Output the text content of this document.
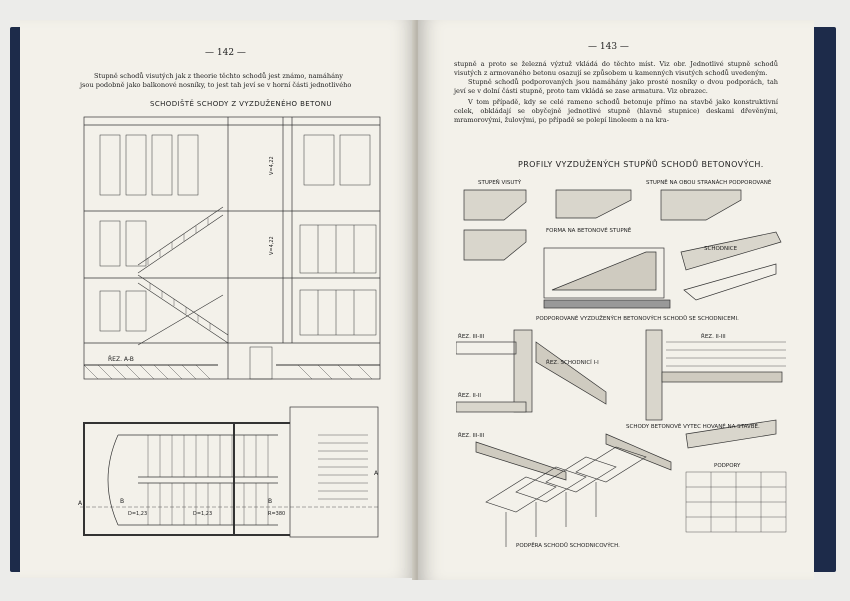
— 142 —

Stupně schodů visutých jak z theorie těchto schodů jest známo, namáhány

jsou podobně jako balkonové nosníky, to jest tah jeví se v horní části jednotlivého

SCHODIŠTĚ SCHODY Z VYZDUŽENÉHO BETONU
ŘEZ. A-B
V=4,22
V=4,22
B	B
A
A
D=1,23	D=1,23	R=380
— 143 —

stupně a proto se železná výztuž vkládá do těchto míst. Viz obr. Jednotlivé stupně schodů visutých z armovaného betonu osazují se způsobem u kamenných visutých schodů uvedeným.

Stupně schodů podporovaných jsou namáhány jako prosté nosníky o dvou podporách, tah jeví se v dolní části stupně, proto tam vkládá se zase armatura. Viz obrazec.

V tom případě, kdy se celé rameno schodů betonuje přímo na stavbě jako konstruktivní celek, obkládají se obyčejně jednotlivé stupně (hlavně stupnice) deskami dřevěnými, mramorovými, žulovými, po případě se polepí linoleem a na kra-

PROFILY VYZDUŽENÝCH STUPŇŮ SCHODŮ BETONOVÝCH.
STUPEŇ VISUTÝ	STUPNĚ NA OBOU STRANÁCH PODPOROVANÉ
FORMA NA BETONOVÉ STUPNĚ
SCHODNICE
PODPOROVANÉ VYZDUŽENÝCH BETONOVÝCH SCHODŮ SE SCHODNICEMI.
ŘEZ. III-III
ŘEZ. SCHODNICÍ I-I
ŘEZ. II-II
ŘEZ. II-III
SCHODY BETONOVÉ VYTEC HOVANÉ NA STAVBĚ.
ŘEZ. III-III
PODPORY
PODPĚRA SCHODŮ SCHODNICOVÝCH.
